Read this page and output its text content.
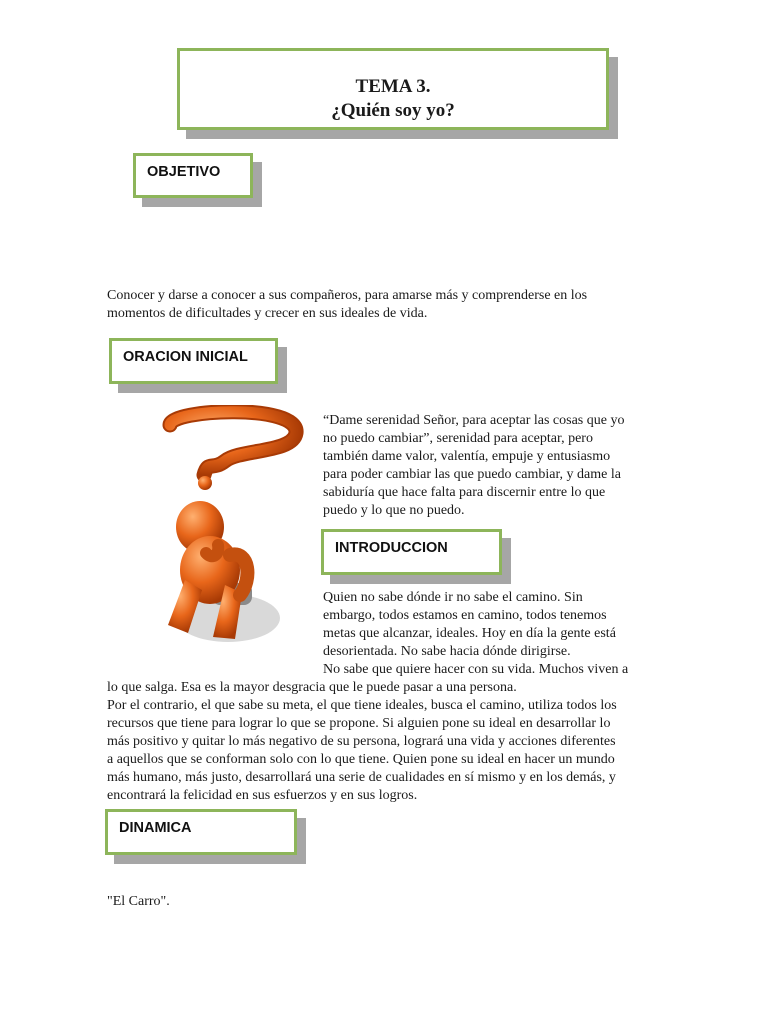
TEMA 3.
¿Quién soy yo?
OBJETIVO
Conocer y darse a conocer a sus compañeros, para amarse más y comprenderse en los
momentos de dificultades y crecer en sus ideales de vida.
ORACION INICIAL
“Dame serenidad Señor, para aceptar las cosas que yo
no puedo cambiar”, serenidad para aceptar, pero
también dame valor, valentía, empuje y entusiasmo
para poder cambiar las que puedo cambiar, y dame la
sabiduría que hace falta para discernir entre lo que
puedo y lo que no puedo.
INTRODUCCION
Quien no sabe dónde ir no sabe el camino. Sin
embargo, todos estamos en camino, todos tenemos
metas que alcanzar, ideales. Hoy en día la gente está
desorientada. No sabe hacia dónde dirigirse.
No sabe que quiere hacer con su vida. Muchos viven a
lo que salga. Esa es la mayor desgracia que le puede pasar a una persona.
Por el contrario, el que sabe su meta, el que tiene ideales, busca el camino, utiliza todos los
recursos que tiene para lograr lo que se propone. Si alguien pone su ideal en desarrollar lo
más positivo y quitar lo más negativo de su persona, logrará una vida y acciones diferentes
a aquellos que se conforman solo con lo que tiene. Quien pone su ideal en hacer un mundo
más humano, más justo, desarrollará una serie de cualidades en sí mismo y en los demás, y
encontrará la felicidad en sus esfuerzos y en sus logros.
DINAMICA
"El Carro".
